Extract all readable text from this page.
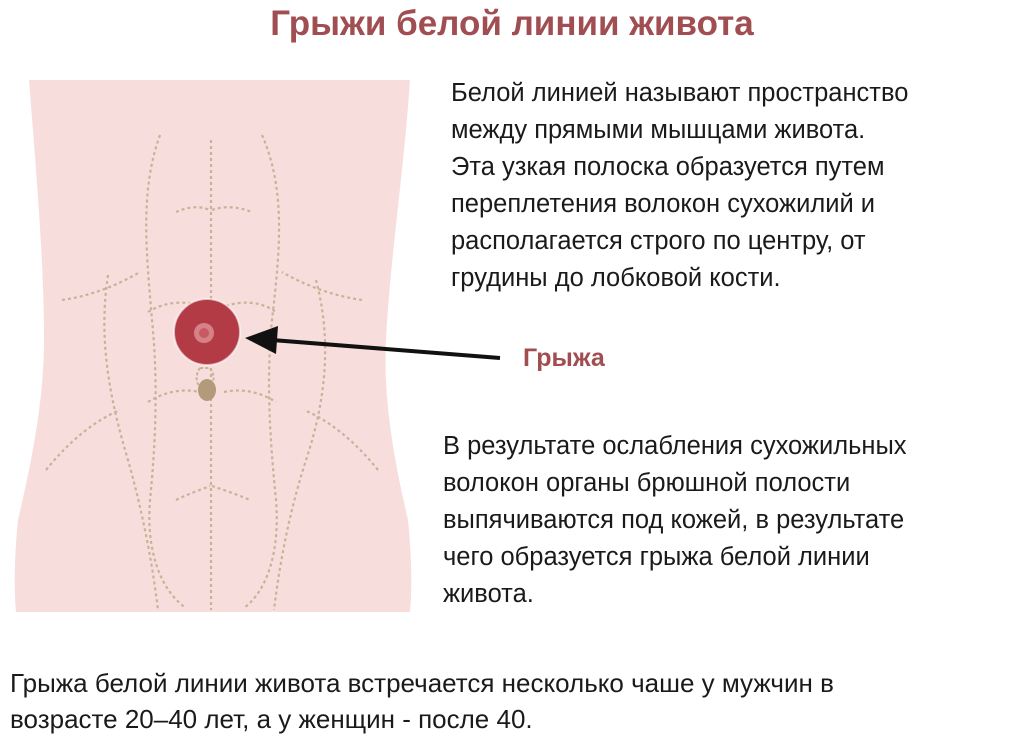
Грыжи белой линии живота
Белой линией называют пространство
между прямыми мышцами живота.
Эта узкая полоска образуется путем
переплетения волокон сухожилий и
располагается строго по центру, от
грудины до лобковой кости.
Грыжа
В результате ослабления сухожильных
волокон органы брюшной полости
выпячиваются под кожей, в результате
чего образуется грыжа белой линии
живота.
Грыжа белой линии живота встречается несколько чаше у мужчин в
возрасте 20–40 лет, а у женщин - после 40.
